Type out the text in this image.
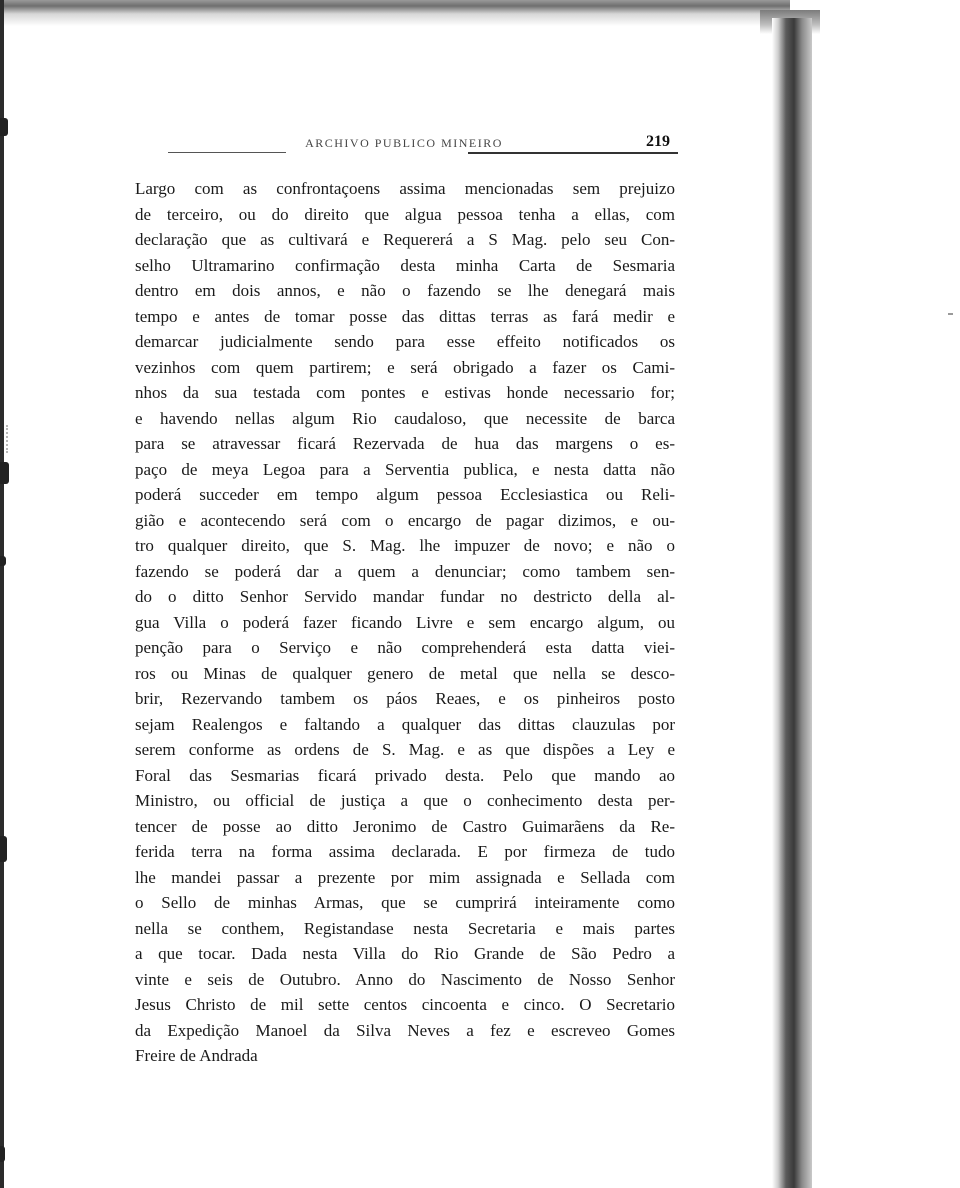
ARCHIVO PUBLICO MINEIRO	219
Largo com as confrontaçoens assima mencionadas sem prejuizo
de terceiro, ou do direito que algua pessoa tenha a ellas, com
declaração que as cultivará e Requererá a S Mag. pelo seu Con-
selho Ultramarino confirmação desta minha Carta de Sesmaria
dentro em dois annos, e não o fazendo se lhe denegará mais
tempo e antes de tomar posse das dittas terras as fará medir e
demarcar judicialmente sendo para esse effeito notificados os
vezinhos com quem partirem; e será obrigado a fazer os Cami-
nhos da sua testada com pontes e estivas honde necessario for;
e havendo nellas algum Rio caudaloso, que necessite de barca
para se atravessar ficará Rezervada de hua das margens o es-
paço de meya Legoa para a Serventia publica, e nesta datta não
poderá succeder em tempo algum pessoa Ecclesiastica ou Reli-
gião e acontecendo será com o encargo de pagar dizimos, e ou-
tro qualquer direito, que S. Mag. lhe impuzer de novo; e não o
fazendo se poderá dar a quem a denunciar; como tambem sen-
do o ditto Senhor Servido mandar fundar no destricto della al-
gua Villa o poderá fazer ficando Livre e sem encargo algum, ou
penção para o Serviço e não comprehenderá esta datta viei-
ros ou Minas de qualquer genero de metal que nella se desco-
brir, Rezervando tambem os páos Reaes, e os pinheiros posto
sejam Realengos e faltando a qualquer das dittas clauzulas por
serem conforme as ordens de S. Mag. e as que dispões a Ley e
Foral das Sesmarias ficará privado desta. Pelo que mando ao
Ministro, ou official de justiça a que o conhecimento desta per-
tencer de posse ao ditto Jeronimo de Castro Guimarãens da Re-
ferida terra na forma assima declarada. E por firmeza de tudo
lhe mandei passar a prezente por mim assignada e Sellada com
o Sello de minhas Armas, que se cumprirá inteiramente como
nella se conthem, Registandase nesta Secretaria e mais partes
a que tocar. Dada nesta Villa do Rio Grande de São Pedro a
vinte e seis de Outubro. Anno do Nascimento de Nosso Senhor
Jesus Christo de mil sette centos cincoenta e cinco. O Secretario
da Expedição Manoel da Silva Neves a fez e escreveo Gomes
Freire de Andrada
